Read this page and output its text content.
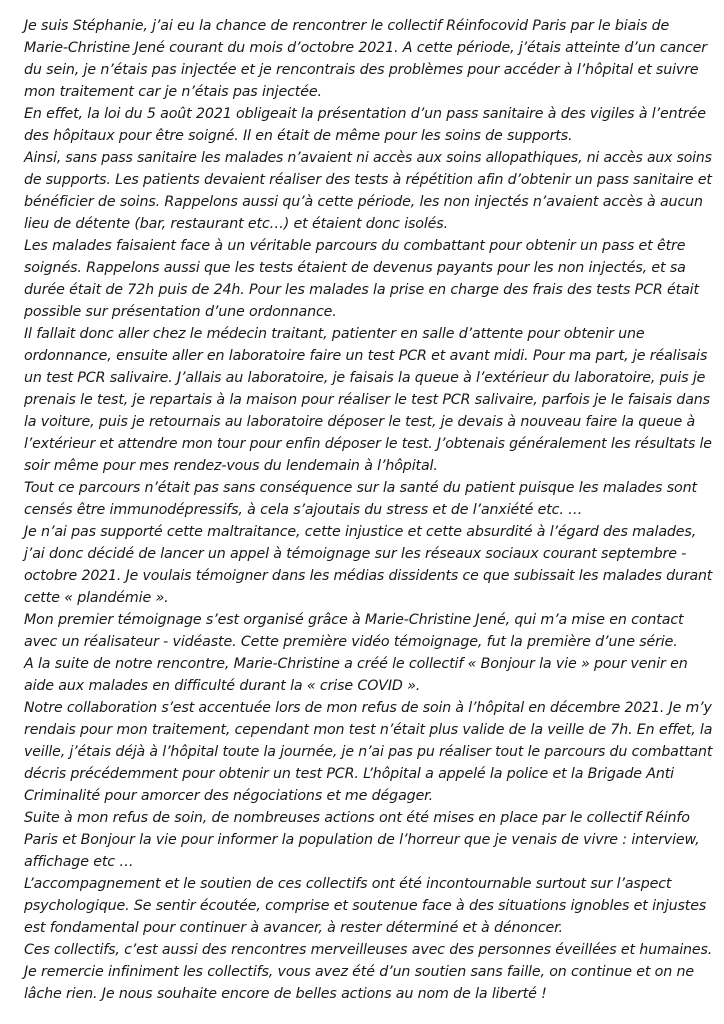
Je suis Stéphanie, j’ai eu la chance de rencontrer le collectif Réinfocovid Paris par le biais de
Marie-Christine Jené courant du mois d’octobre 2021. A cette période, j’étais atteinte d’un cancer
du sein, je n’étais pas injectée et je rencontrais des problèmes pour accéder à l’hôpital et suivre
mon traitement car je n’étais pas injectée.
En effet, la loi du 5 août 2021 obligeait la présentation d’un pass sanitaire à des vigiles à l’entrée
des hôpitaux pour être soigné. Il en était de même pour les soins de supports.
Ainsi, sans pass sanitaire les malades n’avaient ni accès aux soins allopathiques, ni accès aux soins
de supports. Les patients devaient réaliser des tests à répétition afin d’obtenir un pass sanitaire et
bénéficier de soins. Rappelons aussi qu’à cette période, les non injectés n’avaient accès à aucun
lieu de détente (bar, restaurant etc…) et étaient donc isolés.
Les malades faisaient face à un véritable parcours du combattant pour obtenir un pass et être
soignés. Rappelons aussi que les tests étaient de devenus payants pour les non injectés, et sa
durée était de 72h puis de 24h. Pour les malades la prise en charge des frais des tests PCR était
possible sur présentation d’une ordonnance.
Il fallait donc aller chez le médecin traitant, patienter en salle d’attente pour obtenir une
ordonnance, ensuite aller en laboratoire faire un test PCR et avant midi. Pour ma part, je réalisais
un test PCR salivaire. J’allais au laboratoire, je faisais la queue à l’extérieur du laboratoire, puis je
prenais le test, je repartais à la maison pour réaliser le test PCR salivaire, parfois je le faisais dans
la voiture, puis je retournais au laboratoire déposer le test, je devais à nouveau faire la queue à
l’extérieur et attendre mon tour pour enfin déposer le test. J’obtenais généralement les résultats le
soir même pour mes rendez-vous du lendemain à l’hôpital.
Tout ce parcours n’était pas sans conséquence sur la santé du patient puisque les malades sont
censés être immunodépressifs, à cela s’ajoutais du stress et de l’anxiété etc. …
Je n’ai pas supporté cette maltraitance, cette injustice et cette absurdité à l’égard des malades,
j’ai donc décidé de lancer un appel à témoignage sur les réseaux sociaux courant septembre -
octobre 2021. Je voulais témoigner dans les médias dissidents ce que subissait les malades durant
cette « plandémie ».
Mon premier témoignage s’est organisé grâce à Marie-Christine Jené, qui m’a mise en contact
avec un réalisateur - vidéaste. Cette première vidéo témoignage, fut la première d’une série.
A la suite de notre rencontre, Marie-Christine a créé le collectif « Bonjour la vie » pour venir en
aide aux malades en difficulté durant la « crise COVID ».
Notre collaboration s’est accentuée lors de mon refus de soin à l’hôpital en décembre 2021. Je m’y
rendais pour mon traitement, cependant mon test n’était plus valide de la veille de 7h. En effet, la
veille, j’étais déjà à l’hôpital toute la journée, je n’ai pas pu réaliser tout le parcours du combattant
décris précédemment pour obtenir un test PCR. L’hôpital a appelé la police et la Brigade Anti
Criminalité pour amorcer des négociations et me dégager.
Suite à mon refus de soin, de nombreuses actions ont été mises en place par le collectif Réinfo
Paris et Bonjour la vie pour informer la population de l’horreur que je venais de vivre : interview,
affichage etc …
L’accompagnement et le soutien de ces collectifs ont été incontournable surtout sur l’aspect
psychologique. Se sentir écoutée, comprise et soutenue face à des situations ignobles et injustes
est fondamental pour continuer à avancer, à rester déterminé et à dénoncer.
Ces collectifs, c’est aussi des rencontres merveilleuses avec des personnes éveillées et humaines.
Je remercie infiniment les collectifs, vous avez été d’un soutien sans faille, on continue et on ne
lâche rien. Je nous souhaite encore de belles actions au nom de la liberté !
